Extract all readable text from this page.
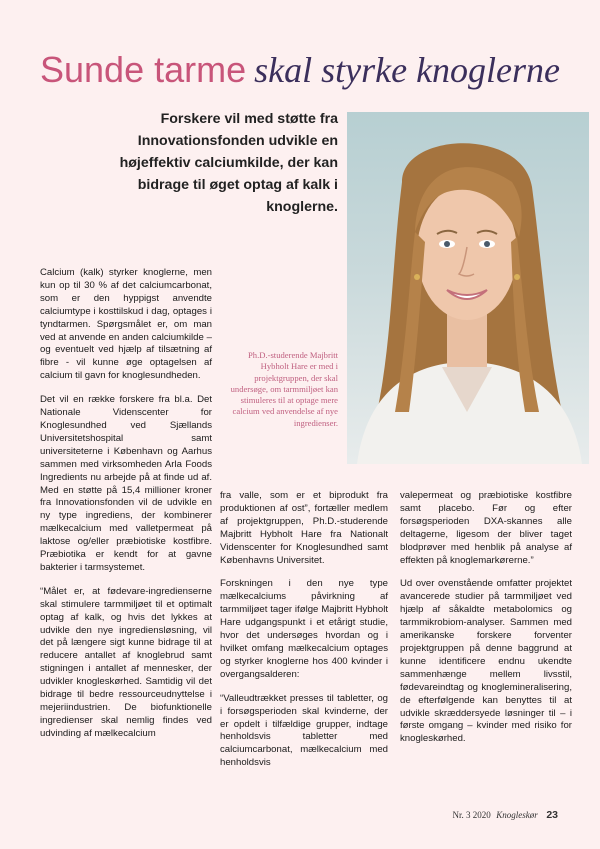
Sunde tarme skal styrke knoglerne
Forskere vil med støtte fra Innovationsfonden udvikle en højeffektiv calciumkilde, der kan bidrage til øget optag af kalk i knoglerne.
Ph.D.-studerende Majbritt Hybholt Hare er med i projektgruppen, der skal undersøge, om tarmmiljøet kan stimuleres til at optage mere calcium ved anvendelse af nye ingredienser.

Calcium (kalk) styrker knoglerne, men kun op til 30 % af det calciumcarbonat, som er den hyppigst anvendte calciumtype i kosttilskud i dag, optages i tyndtarmen. Spørgsmålet er, om man ved at anvende en anden calciumkilde – og eventuelt ved hjælp af tilsætning af fibre - vil kunne øge optagelsen af calcium til gavn for knoglesundheden.

Det vil en række forskere fra bl.a. Det Nationale Videnscenter for Knoglesundhed ved Sjællands Universitetshospital samt universiteterne i København og Aarhus sammen med virksomheden Arla Foods Ingredients nu arbejde på at finde ud af. Med en støtte på 15,4 millioner kroner fra Innovationsfonden vil de udvikle en ny type ingrediens, der kombinerer mælkecalcium med valletpermeat på laktose og/eller præbiotiske kostfibre. Præbiotika er kendt for at gavne bakterier i tarmsystemet.

“Målet er, at fødevare-ingredienserne skal stimulere tarmmiljøet til et optimalt optag af kalk, og hvis det lykkes at udvikle den nye ingrediensløsning, vil det på længere sigt kunne bidrage til at reducere antallet af knoglebrud samt stigningen i antallet af mennesker, der udvikler knogleskørhed. Samtidig vil det bidrage til bedre ressourceudnyttelse i mejeriindustrien. De biofunktionelle ingredienser skal nemlig findes ved udvinding af mælkecalcium

fra valle, som er et biprodukt fra produktionen af ost”, fortæller medlem af projektgruppen, Ph.D.-studerende Majbritt Hybholt Hare fra Nationalt Videnscenter for Knoglesundhed samt Københavns Universitet.

Forskningen i den nye type mælkecalciums påvirkning af tarmmiljøet tager ifølge Majbritt Hybholt Hare udgangspunkt i et etårigt studie, hvor det undersøges hvordan og i hvilket omfang mælkecalcium optages og styrker knoglerne hos 400 kvinder i overgangsalderen:

“Valleudtrækket presses til tabletter, og i forsøgsperioden skal kvinderne, der er opdelt i tilfældige grupper, indtage henholdsvis tabletter med calciumcarbonat, mælkecalcium med henholdsvis

valepermeat og præbiotiske kostfibre samt placebo. Før og efter forsøgsperioden DXA-skannes alle deltagerne, ligesom der bliver taget blodprøver med henblik på analyse af effekten på knoglemarkørerne.”

Ud over ovenstående omfatter projektet avancerede studier på tarmmiljøet ved hjælp af såkaldte metabolomics og tarmmikrobiom-analyser. Sammen med amerikanske forskere forventer projektgruppen på denne baggrund at kunne identificere endnu ukendte sammenhænge mellem livsstil, fødevareindtag og knoglemineralisering, de efterfølgende kan benyttes til at udvikle skræddersyede løsninger til – i første omgang – kvinder med risiko for knogleskørhed.

Nr. 3 2020 Knogleskør 23
